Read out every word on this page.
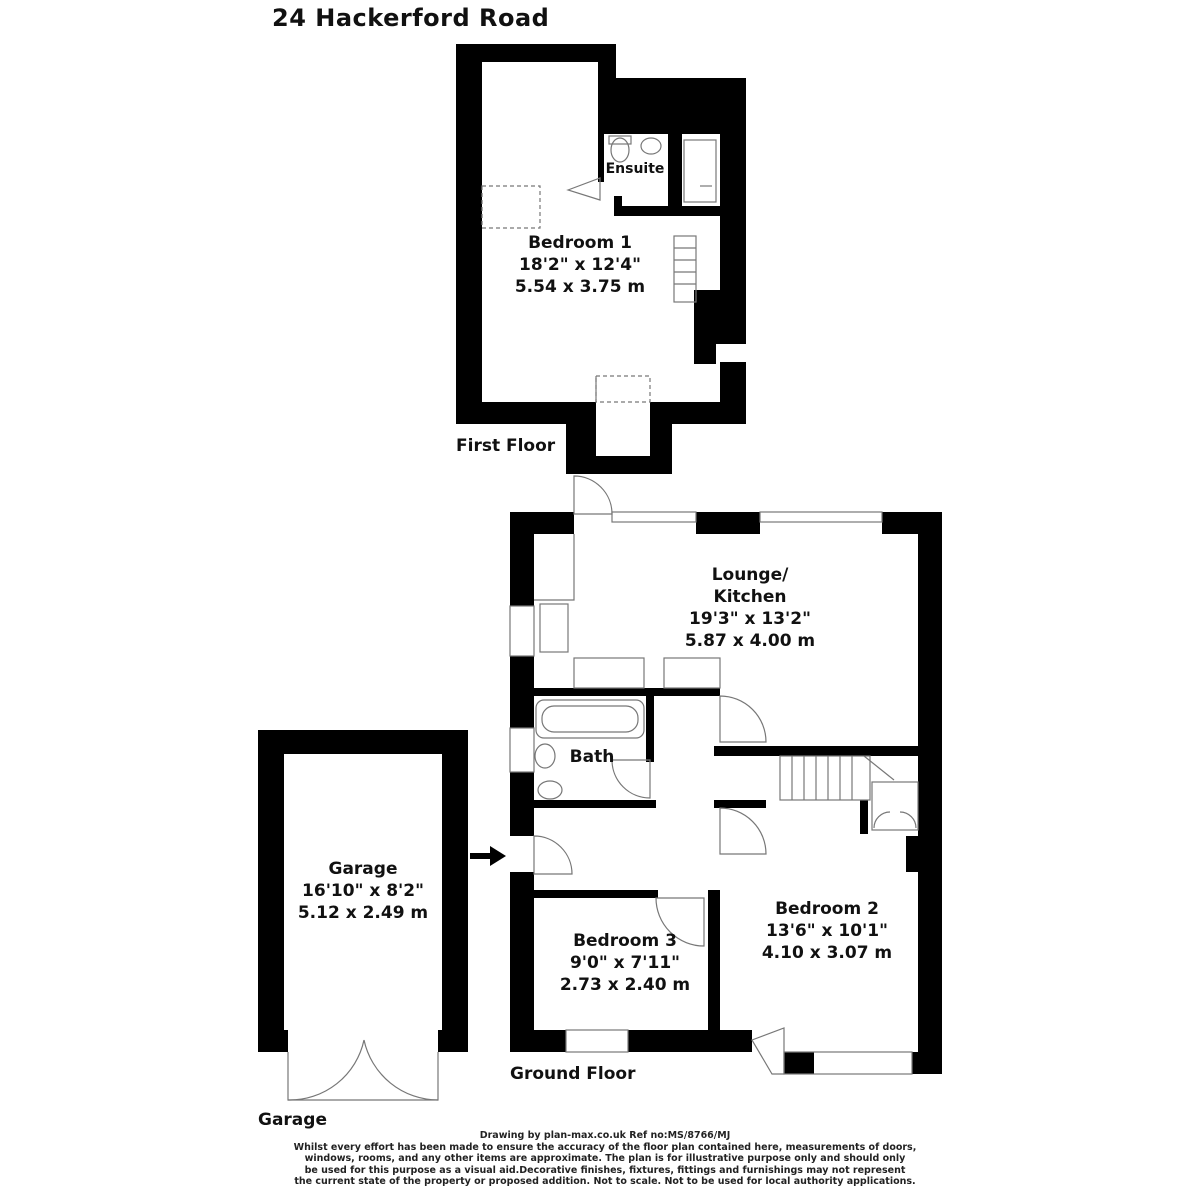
24 Hackerford Road
Ensuite
Bedroom 1
18'2" x 12'4"
5.54 x 3.75 m
First Floor
Lounge/ Kitchen
19'3" x 13'2"
5.87 x 4.00 m
Bath
Bedroom 2
13'6" x 10'1"
4.10 x 3.07 m
Bedroom 3
9'0" x 7'11"
2.73 x 2.40 m
Ground Floor
Garage
16'10" x 8'2"
5.12 x 2.49 m
Garage
Drawing by plan-max.co.uk Ref no:MS/8766/MJ
Whilst every effort has been made to ensure the accuracy of the floor plan contained here, measurements of doors,
windows, rooms, and any other items are approximate. The plan is for illustrative purpose only and should only
be used for this purpose as a visual aid.Decorative finishes, fixtures, fittings and furnishings may not represent
the current state of the property or proposed addition. Not to scale. Not to be used for local authority applications.
